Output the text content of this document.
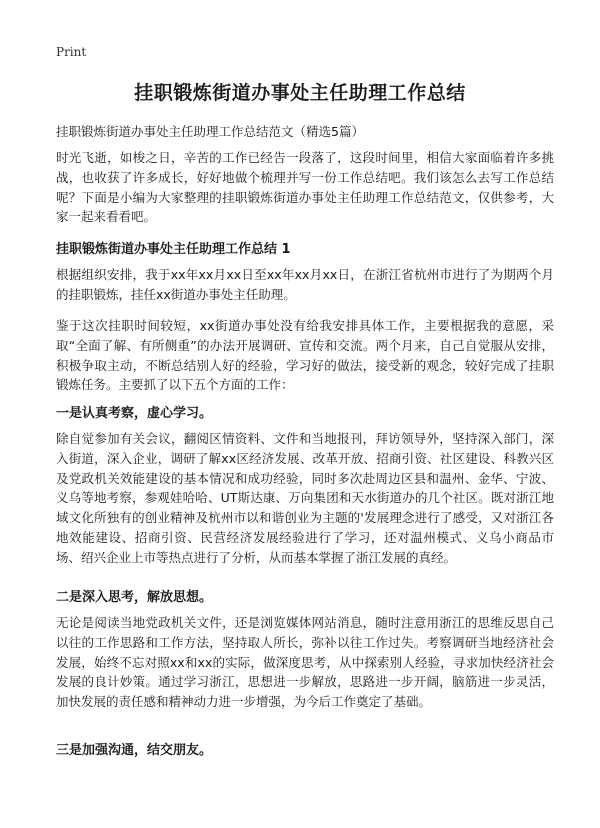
Print
挂职锻炼街道办事处主任助理工作总结
挂职锻炼街道办事处主任助理工作总结范文（精选5篇）
时光飞逝，如梭之日，辛苦的工作已经告一段落了，这段时间里，相信大家面临着许多挑战，也收获了许多成长，好好地做个梳理并写一份工作总结吧。我们该怎么去写工作总结呢？下面是小编为大家整理的挂职锻炼街道办事处主任助理工作总结范文，仅供参考，大家一起来看看吧。
挂职锻炼街道办事处主任助理工作总结 1
根据组织安排，我于xx年xx月xx日至xx年xx月xx日，在浙江省杭州市进行了为期两个月的挂职锻炼，挂任xx街道办事处主任助理。
鉴于这次挂职时间较短，xx街道办事处没有给我安排具体工作，主要根据我的意愿，采取“全面了解、有所侧重”的办法开展调研、宣传和交流。两个月来，自己自觉服从安排，积极争取主动，不断总结别人好的经验，学习好的做法，接受新的观念，较好完成了挂职锻炼任务。主要抓了以下五个方面的工作：
一是认真考察，虚心学习。
除自觉参加有关会议，翻阅区情资料、文件和当地报刊，拜访领导外，坚持深入部门，深入街道，深入企业，调研了解xx区经济发展、改革开放、招商引资、社区建设、科教兴区及党政机关效能建设的基本情况和成功经验，同时多次赴周边区县和温州、金华、宁波、义乌等地考察，参观娃哈哈、UT斯达康、万向集团和天水街道办的几个社区。既对浙江地域文化所独有的创业精神及杭州市以和谐创业为主题的'发展理念进行了感受，又对浙江各地效能建设、招商引资、民营经济发展经验进行了学习，还对温州模式、义乌小商品市场、绍兴企业上市等热点进行了分析，从而基本掌握了浙江发展的真经。
二是深入思考，解放思想。
无论是阅读当地党政机关文件，还是浏览媒体网站消息，随时注意用浙江的思维反思自己以往的工作思路和工作方法，坚持取人所长，弥补以往工作过失。考察调研当地经济社会发展，始终不忘对照xx和xx的实际，做深度思考，从中探索别人经验，寻求加快经济社会发展的良计妙策。通过学习浙江，思想进一步解放，思路进一步开阔，脑筋进一步灵活，加快发展的责任感和精神动力进一步增强，为今后工作奠定了基础。
三是加强沟通，结交朋友。
